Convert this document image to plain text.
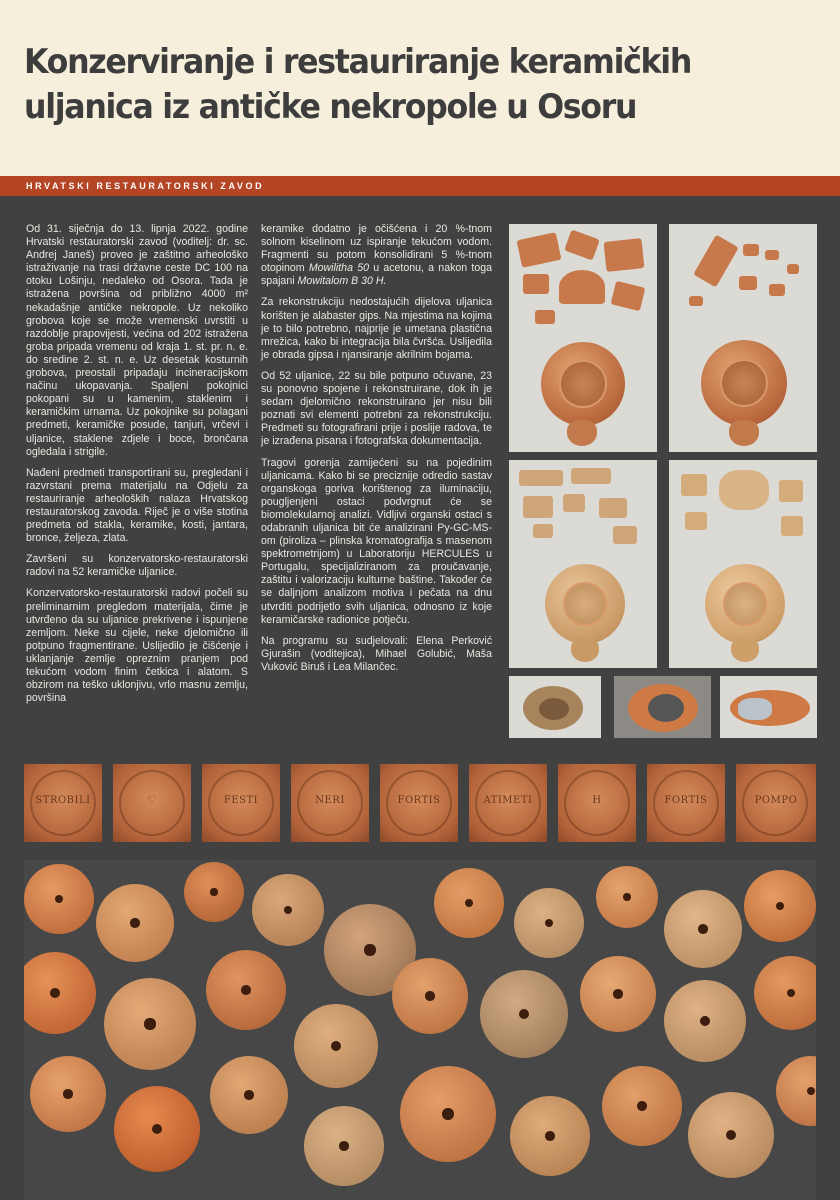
Konzerviranje i restauriranje keramičkih uljanica iz antičke nekropole u Osoru
HRVATSKI RESTAURATORSKI ZAVOD

Od 31. siječnja do 13. lipnja 2022. godine Hrvatski restauratorski zavod (voditelj: dr. sc. Andrej Janeš) proveo je zaštitno arheološko istraživanje na trasi državne ceste DC 100 na otoku Lošinju, nedaleko od Osora. Tada je istražena površina od približno 4000 m² nekadašnje antičke nekropole. Uz nekoliko grobova koje se može vremenski uvrstiti u razdoblje prapovijesti, većina od 202 istražena groba pripada vremenu od kraja 1. st. pr. n. e. do sredine 2. st. n. e. Uz desetak kosturnih grobova, preostali pripadaju incineracijskom načinu ukopavanja. Spaljeni pokojnici pokopani su u kamenim, staklenim i keramičkim urnama. Uz pokojnike su polagani predmeti, keramičke posude, tanjuri, vrčevi i uljanice, staklene zdjele i boce, brončana ogledala i strigile.

Nađeni predmeti transportirani su, pregledani i razvrstani prema materijalu na Odjelu za restauriranje arheoloških nalaza Hrvatskog restauratorskog zavoda. Riječ je o više stotina predmeta od stakla, keramike, kosti, jantara, bronce, željeza, zlata.

Završeni su konzervatorsko-restauratorski radovi na 52 keramičke uljanice.

Konzervatorsko-restauratorski radovi počeli su preliminarnim pregledom materijala, čime je utvrđeno da su uljanice prekrivene i ispunjene zemljom. Neke su cijele, neke djelomično ili potpuno fragmentirane. Uslijedilo je čišćenje i uklanjanje zemlje opreznim pranjem pod tekućom vodom finim četkica i alatom. S obzirom na teško uklonjivu, vrlo masnu zemlju, površina

keramike dodatno je očišćena i 20 %-tnom solnom kiselinom uz ispiranje tekućom vodom. Fragmenti su potom konsolidirani 5 %-tnom otopinom Mowilitha 50 u acetonu, a nakon toga spajani Mowitalom B 30 H.

Za rekonstrukciju nedostajućih dijelova uljanica korišten je alabaster gips. Na mjestima na kojima je to bilo potrebno, najprije je umetana plastična mrežica, kako bi integracija bila čvršća. Uslijedila je obrada gipsa i njansiranje akrilnim bojama.

Od 52 uljanice, 22 su bile potpuno očuvane, 23 su ponovno spojene i rekonstruirane, dok ih je sedam djelomično rekonstruirano jer nisu bili poznati svi elementi potrebni za rekonstrukciju. Predmeti su fotografirani prije i poslije radova, te je izrađena pisana i fotografska dokumentacija.

Tragovi gorenja zamijećeni su na pojedinim uljanicama. Kako bi se preciznije odredio sastav organskoga goriva korištenog za iluminaciju, pougljenjeni ostaci podvrgnut će se biomolekularnoj analizi. Vidljivi organski ostaci s odabranih uljanica bit će analizirani Py-GC-MS-om (piroliza – plinska kromatografija s masenom spektrometrijom) u Laboratoriju HERCULES u Portugalu, specijaliziranom za proučavanje, zaštitu i valorizaciju kulturne baštine. Također će se daljnjom analizom motiva i pečata na dnu utvrditi podrijetlo svih uljanica, odnosno iz koje keramičarske radionice potječu.

Na programu su sudjelovali: Elena Perković Gjurašin (voditejica), Mihael Golubić, Maša Vuković Biruš i Lea Milančec.

STROBILI	♡	FESTI	NERI	FORTIS	ATIMETI	H	FORTIS	POMPO
